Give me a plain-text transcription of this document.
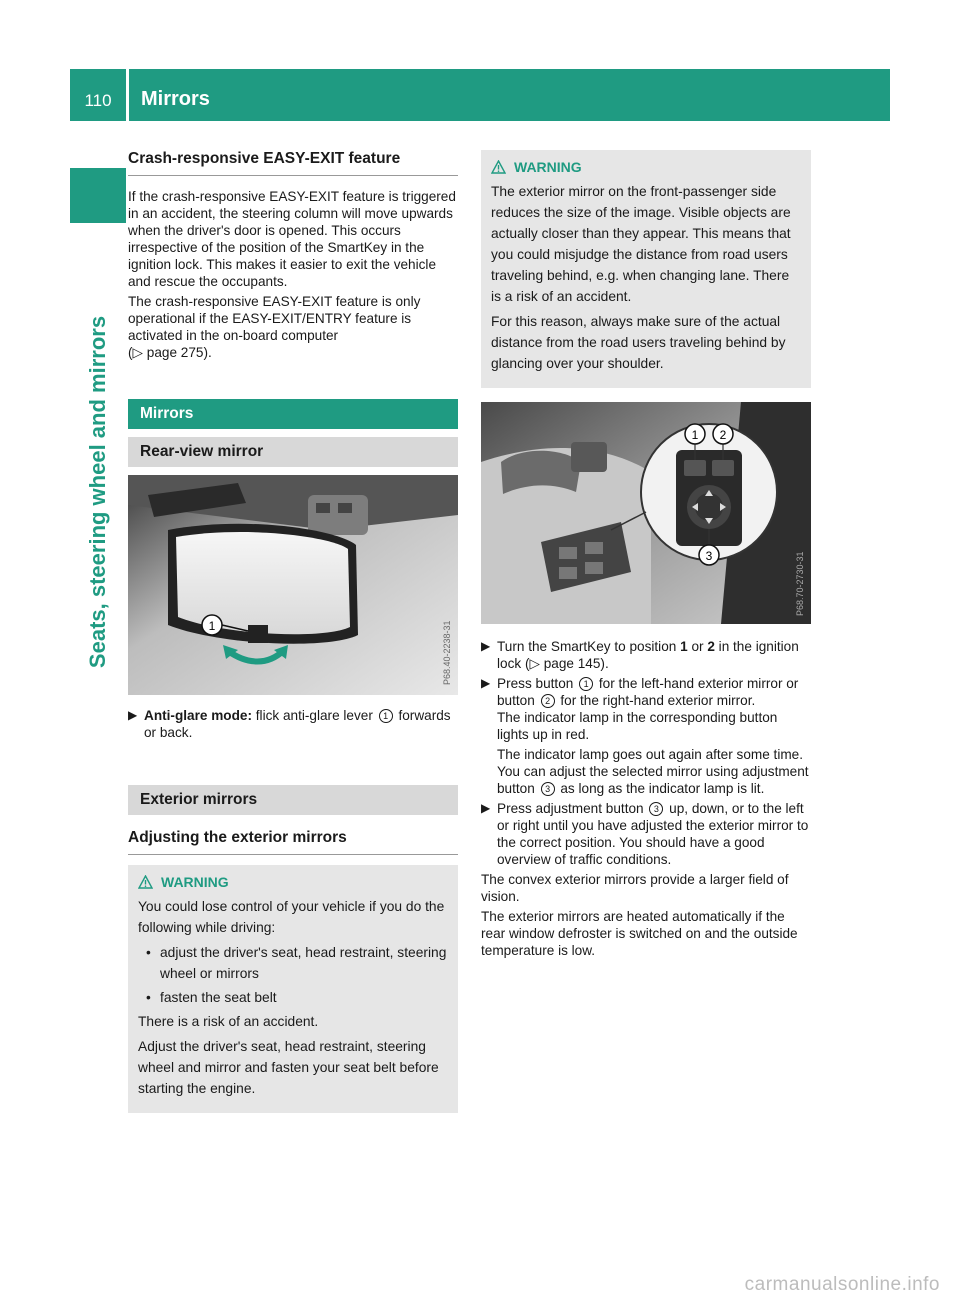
110	Mirrors
Seats, steering wheel and mirrors
Crash-responsive EASY-EXIT feature

If the crash-responsive EASY-EXIT feature is triggered in an accident, the steering column will move upwards when the driver's door is opened. This occurs irrespective of the position of the SmartKey in the ignition lock. This makes it easier to exit the vehicle and rescue the occupants.

The crash-responsive EASY-EXIT feature is only operational if the EASY-EXIT/ENTRY feature is activated in the on-board computer
(▷ page 275).

Mirrors
Rear-view mirror
1	P68.40-2238-31
▶ Anti-glare mode: flick anti-glare lever 1 forwards or back.
Exterior mirrors
Adjusting the exterior mirrors
WARNING

You could lose control of your vehicle if you do the following while driving:

• adjust the driver's seat, head restraint, steering wheel or mirrors
• fasten the seat belt

There is a risk of an accident.

Adjust the driver's seat, head restraint, steering wheel and mirror and fasten your seat belt before starting the engine.

WARNING

The exterior mirror on the front-passenger side reduces the size of the image. Visible objects are actually closer than they appear. This means that you could misjudge the distance from road users traveling behind, e.g. when changing lane. There is a risk of an accident.

For this reason, always make sure of the actual distance from the road users traveling behind by glancing over your shoulder.

1 2
3	P68.70-2730-31
▶ Turn the SmartKey to position 1 or 2 in the ignition lock (▷ page 145).
▶ Press button 1 for the left-hand exterior mirror or button 2 for the right-hand exterior mirror.
The indicator lamp in the corresponding button lights up in red.
The indicator lamp goes out again after some time. You can adjust the selected mirror using adjustment button 3 as long as the indicator lamp is lit.
▶ Press adjustment button 3 up, down, or to the left or right until you have adjusted the exterior mirror to the correct position. You should have a good overview of traffic conditions.

The convex exterior mirrors provide a larger field of vision.

The exterior mirrors are heated automatically if the rear window defroster is switched on and the outside temperature is low.

carmanualsonline.info
